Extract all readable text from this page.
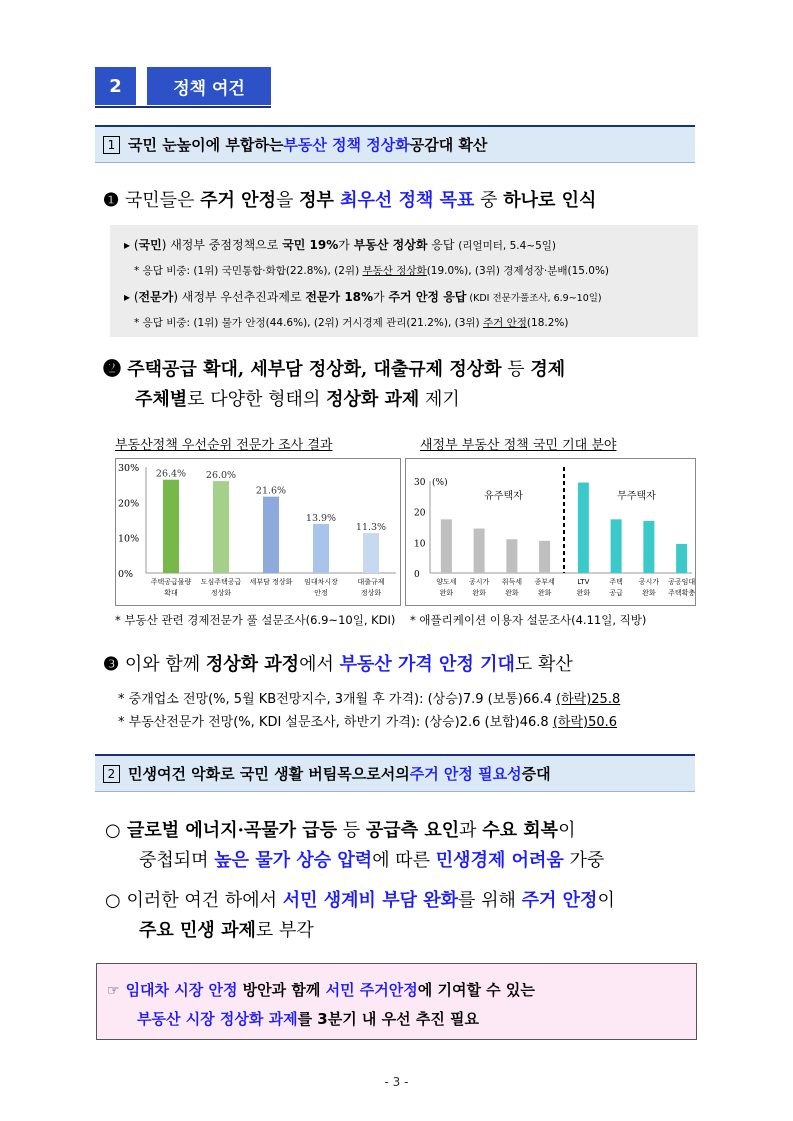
2	정책 여건
1 국민 눈높이에 부합하는 부동산 정책 정상화 공감대 확산
❶ 국민들은 주거 안정을 정부 최우선 정책 목표 중 하나로 인식
▸ (국민) 새정부 중점정책으로 국민 19%가 부동산 정상화 응답 (리얼미터, 5.4~5일)
* 응답 비중: (1위) 국민통합·화합(22.8%), (2위) 부동산 정상화(19.0%), (3위) 경제성장·분배(15.0%)
▸ (전문가) 새정부 우선추진과제로 전문가 18%가 주거 안정 응답 (KDI 전문가풀조사, 6.9~10일)
* 응답 비중: (1위) 물가 안정(44.6%), (2위) 거시경제 관리(21.2%), (3위) 주거 안정(18.2%)
❷ 주택공급 확대, 세부담 정상화, 대출규제 정상화 등 경제
주체별로 다양한 형태의 정상화 과제 제기
부동산정책 우선순위 전문가 조사 결과	새정부 부동산 정책 국민 기대 분야
0%
10%
20%
30%
26.4%
주택공급물량
확대
26.0%
도심주택공급
정상화
21.6%
세부담 정상화
13.9%
임대차시장
안정
11.3%
대출규제
정상화
0
10
20
30 (%)
유주택자	무주택자
양도세
완화
공시가
완화
취득세
완화
종부세
완화
LTV
완화
주택
공급
공시가
완화
공공임대
주택확충
* 부동산 관련 경제전문가 풀 설문조사(6.9~10일, KDI) * 애플리케이션 이용자 설문조사(4.11일, 직방)
❸ 이와 함께 정상화 과정에서 부동산 가격 안정 기대도 확산
* 중개업소 전망(%, 5월 KB전망지수, 3개월 후 가격): (상승)7.9 (보통)66.4 (하락)25.8
* 부동산전문가 전망(%, KDI 설문조사, 하반기 가격): (상승)2.6 (보합)46.8 (하락)50.6
2 민생여건 악화로 국민 생활 버팀목으로서의 주거 안정 필요성 증대
○ 글로벌 에너지·곡물가 급등 등 공급측 요인과 수요 회복이
중첩되며 높은 물가 상승 압력에 따른 민생경제 어려움 가중
○ 이러한 여건 하에서 서민 생계비 부담 완화를 위해 주거 안정이
주요 민생 과제로 부각
☞ 임대차 시장 안정 방안과 함께 서민 주거안정에 기여할 수 있는
부동산 시장 정상화 과제를 3분기 내 우선 추진 필요
- 3 -
